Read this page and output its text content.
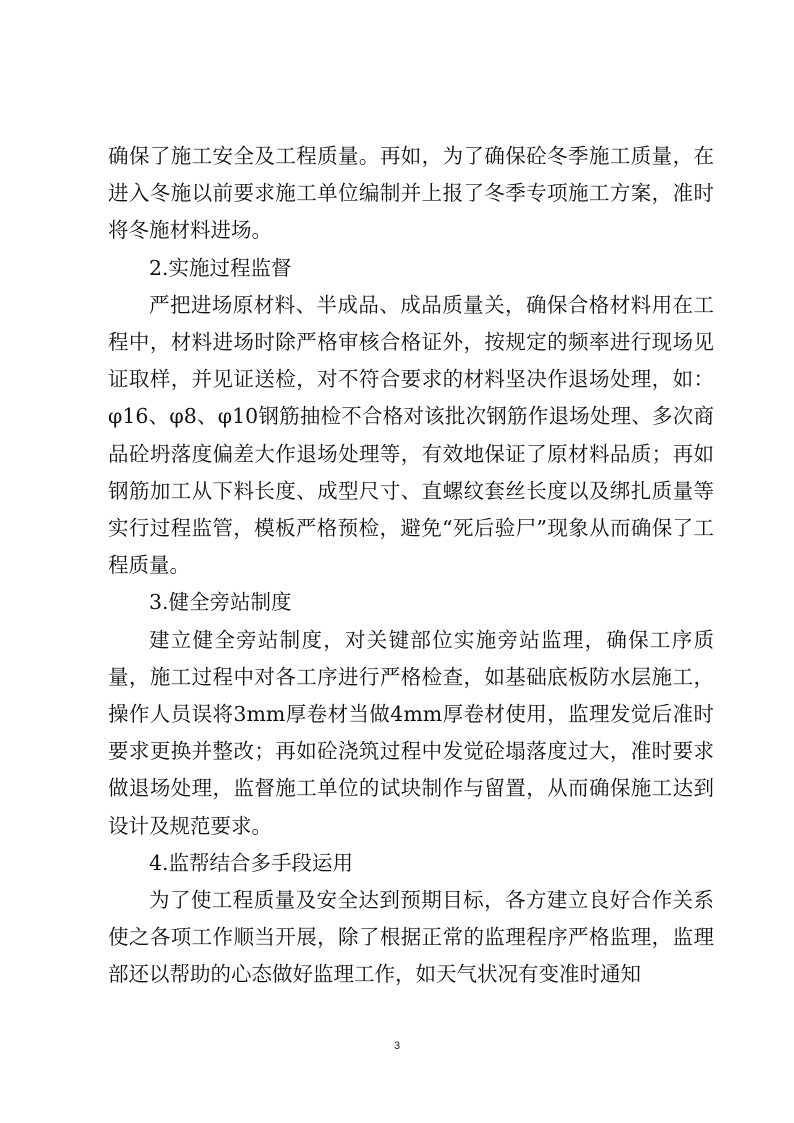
确保了施工安全及工程质量。再如，为了确保砼冬季施工质量，在进入冬施以前要求施工单位编制并上报了冬季专项施工方案，准时将冬施材料进场。

2.实施过程监督

严把进场原材料、半成品、成品质量关，确保合格材料用在工程中，材料进场时除严格审核合格证外，按规定的频率进行现场见证取样，并见证送检，对不符合要求的材料坚决作退场处理，如：φ16、φ8、φ10钢筋抽检不合格对该批次钢筋作退场处理、多次商品砼坍落度偏差大作退场处理等，有效地保证了原材料品质；再如钢筋加工从下料长度、成型尺寸、直螺纹套丝长度以及绑扎质量等实行过程监管，模板严格预检，避免“死后验尸”现象从而确保了工程质量。

3.健全旁站制度

建立健全旁站制度，对关键部位实施旁站监理，确保工序质量，施工过程中对各工序进行严格检查，如基础底板防水层施工，操作人员误将3mm厚卷材当做4mm厚卷材使用，监理发觉后准时要求更换并整改；再如砼浇筑过程中发觉砼塌落度过大，准时要求做退场处理，监督施工单位的试块制作与留置，从而确保施工达到设计及规范要求。

4.监帮结合多手段运用

为了使工程质量及安全达到预期目标，各方建立良好合作关系使之各项工作顺当开展，除了根据正常的监理程序严格监理，监理部还以帮助的心态做好监理工作，如天气状况有变准时通知

3
